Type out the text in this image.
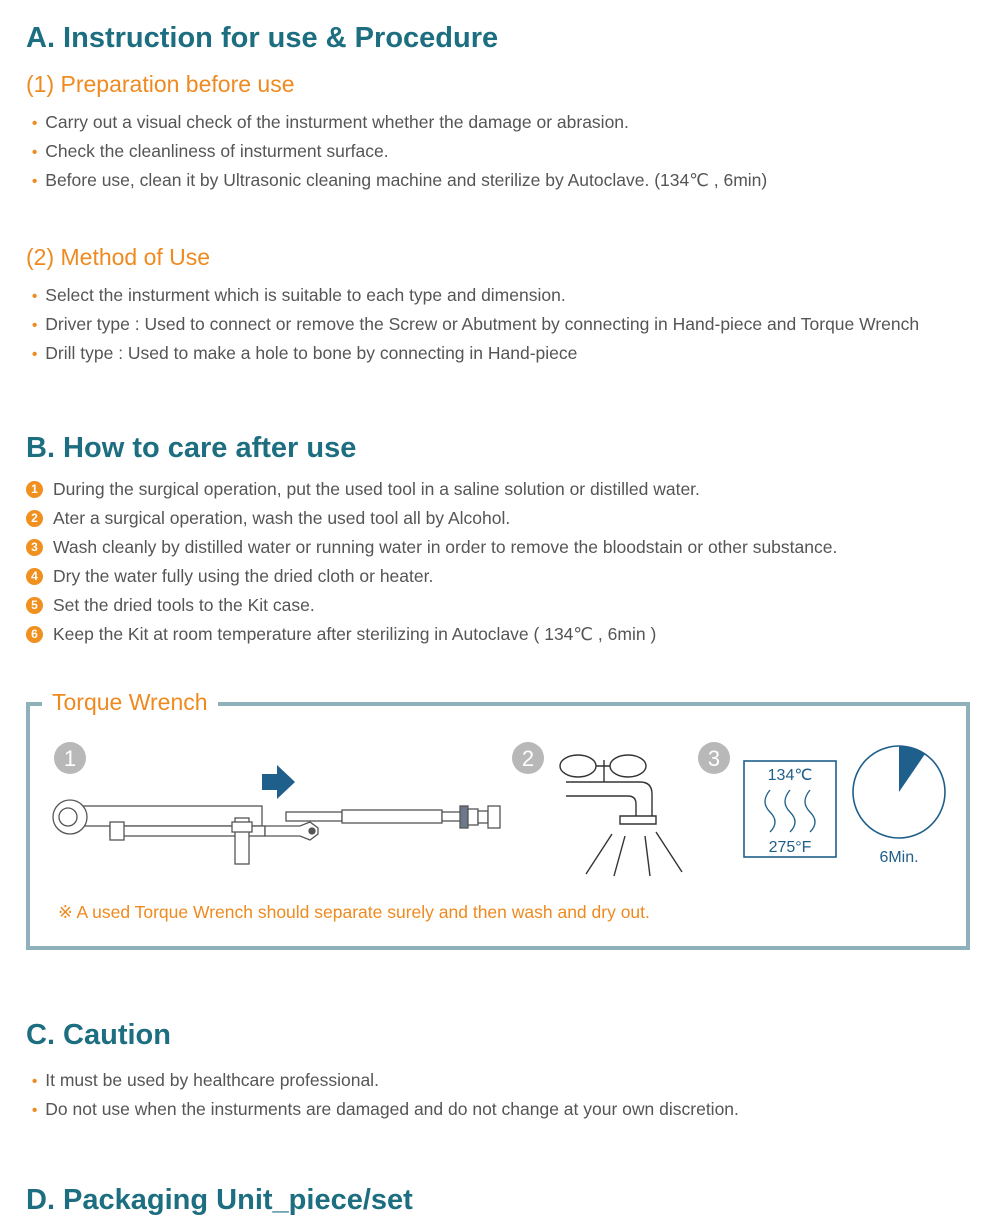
A. Instruction for use & Procedure
(1) Preparation before use
• Carry out a visual check of the insturment whether the damage or abrasion.
• Check the cleanliness of insturment surface.
• Before use, clean it by Ultrasonic cleaning machine and sterilize by Autoclave. (134℃ , 6min)
(2) Method of Use
• Select the insturment which is suitable to each type and dimension.
• Driver type : Used to connect or remove the Screw or Abutment by connecting in Hand-piece and Torque Wrench
• Drill type : Used to make a hole to bone by connecting in Hand-piece
B. How to care after use
1 During the surgical operation, put the used tool in a saline solution or distilled water.
2 Ater a surgical operation, wash the used tool all by Alcohol.
3 Wash cleanly by distilled water or running water in order to remove the bloodstain or other substance.
4 Dry the water fully using the dried cloth or heater.
5 Set the dried tools to the Kit case.
6 Keep the Kit at room temperature after sterilizing in Autoclave ( 134℃ , 6min )
Torque Wrench
1	2	3
134℃
275°F
6Min.
※ A used Torque Wrench should separate surely and then wash and dry out.
C. Caution
• It must be used by healthcare professional.
• Do not use when the insturments are damaged and do not change at your own discretion.
D. Packaging Unit_piece/set
